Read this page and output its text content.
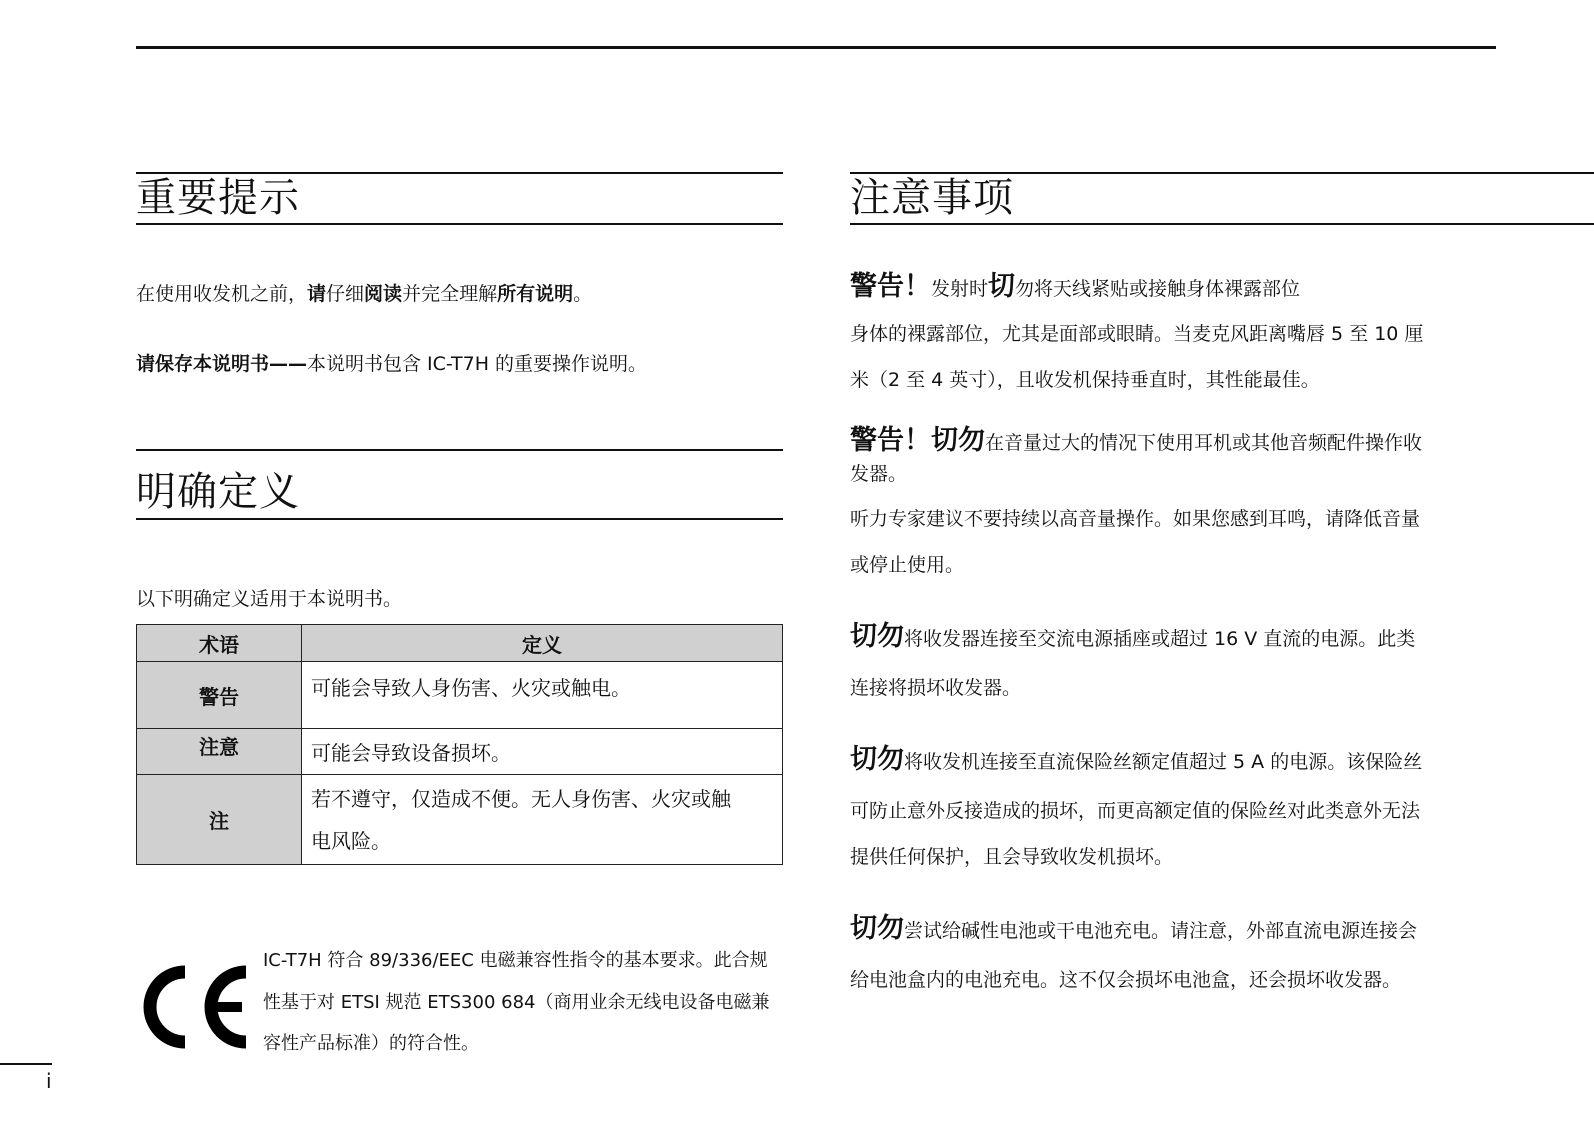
重要提示
在使用收发机之前，请仔细阅读并完全理解所有说明。
请保存本说明书——本说明书包含 IC-T7H 的重要操作说明。
明确定义
以下明确定义适用于本说明书。
术语	定义
警告	可能会导致人身伤害、火灾或触电。
注意	可能会导致设备损坏。
注	若不遵守，仅造成不便。无人身伤害、火灾或触
电风险。
IC-T7H 符合 89/336/EEC 电磁兼容性指令的基本要求。此合规
性基于对 ETSI 规范 ETS300 684（商用业余无线电设备电磁兼
容性产品标准）的符合性。
i
注意事项
警告！发射时切勿将天线紧贴或接触身体裸露部位
身体的裸露部位，尤其是面部或眼睛。当麦克风距离嘴唇 5 至 10 厘
米（2 至 4 英寸），且收发机保持垂直时，其性能最佳。
警告！切勿在音量过大的情况下使用耳机或其他音频配件操作收
发器。
听力专家建议不要持续以高音量操作。如果您感到耳鸣，请降低音量
或停止使用。
切勿将收发器连接至交流电源插座或超过 16 V 直流的电源。此类
连接将损坏收发器。
切勿将收发机连接至直流保险丝额定值超过 5 A 的电源。该保险丝
可防止意外反接造成的损坏，而更高额定值的保险丝对此类意外无法
提供任何保护，且会导致收发机损坏。
切勿尝试给碱性电池或干电池充电。请注意，外部直流电源连接会
给电池盒内的电池充电。这不仅会损坏电池盒，还会损坏收发器。
